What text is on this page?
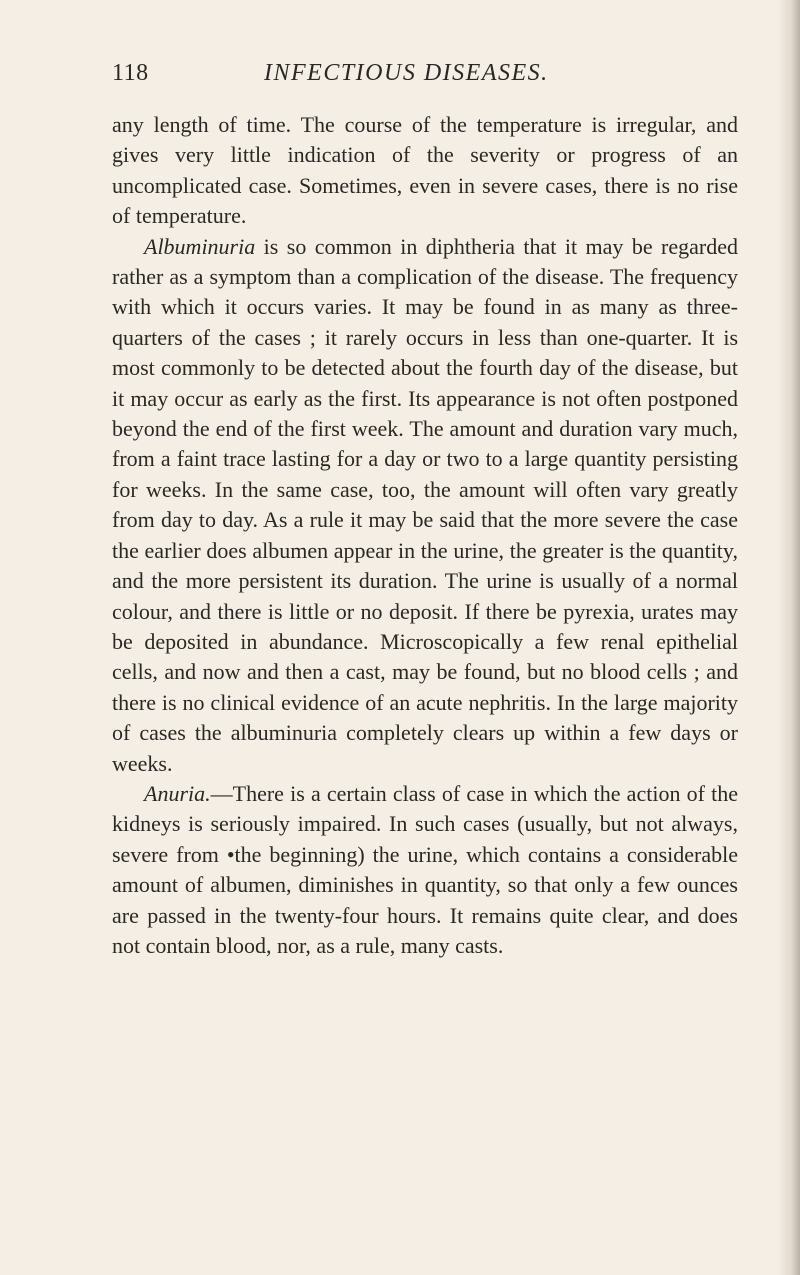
118	INFECTIOUS DISEASES.

any length of time. The course of the temperature is irregular, and gives very little indication of the severity or progress of an uncomplicated case. Sometimes, even in severe cases, there is no rise of temperature.

Albuminuria is so common in diphtheria that it may be regarded rather as a symptom than a complication of the disease. The frequency with which it occurs varies. It may be found in as many as three-quarters of the cases ; it rarely occurs in less than one-quarter. It is most commonly to be detected about the fourth day of the disease, but it may occur as early as the first. Its appearance is not often postponed beyond the end of the first week. The amount and duration vary much, from a faint trace lasting for a day or two to a large quantity persisting for weeks. In the same case, too, the amount will often vary greatly from day to day. As a rule it may be said that the more severe the case the earlier does albumen appear in the urine, the greater is the quantity, and the more persistent its duration. The urine is usually of a normal colour, and there is little or no deposit. If there be pyrexia, urates may be deposited in abundance. Microscopically a few renal epithelial cells, and now and then a cast, may be found, but no blood cells ; and there is no clinical evidence of an acute nephritis. In the large majority of cases the albuminuria completely clears up within a few days or weeks.

Anuria.—There is a certain class of case in which the action of the kidneys is seriously impaired. In such cases (usually, but not always, severe from •the beginning) the urine, which contains a considerable amount of albumen, diminishes in quantity, so that only a few ounces are passed in the twenty-four hours. It remains quite clear, and does not contain blood, nor, as a rule, many casts.
